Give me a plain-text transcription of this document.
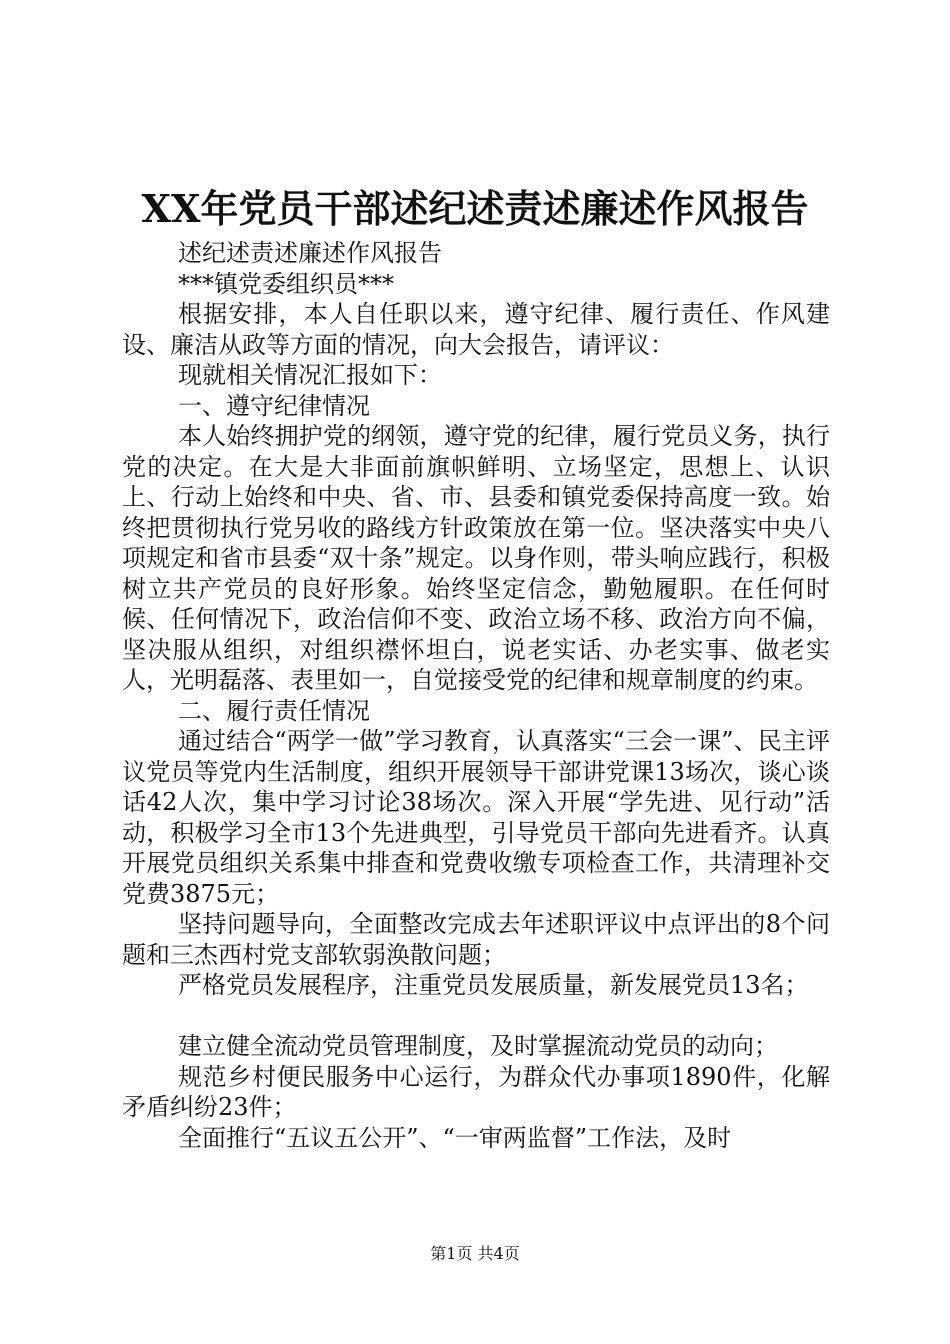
XX年党员干部述纪述责述廉述作风报告

述纪述责述廉述作风报告

***镇党委组织员***

根据安排，本人自任职以来，遵守纪律、履行责任、作风建设、廉洁从政等方面的情况，向大会报告，请评议：

现就相关情况汇报如下：

一、遵守纪律情况

本人始终拥护党的纲领，遵守党的纪律，履行党员义务，执行党的决定。在大是大非面前旗帜鲜明、立场坚定，思想上、认识上、行动上始终和中央、省、市、县委和镇党委保持高度一致。始终把贯彻执行党另收的路线方针政策放在第一位。坚决落实中央八项规定和省市县委“双十条”规定。以身作则，带头响应践行，积极树立共产党员的良好形象。始终坚定信念，勤勉履职。在任何时候、任何情况下，政治信仰不变、政治立场不移、政治方向不偏，坚决服从组织，对组织襟怀坦白，说老实话、办老实事、做老实人，光明磊落、表里如一，自觉接受党的纪律和规章制度的约束。

二、履行责任情况

通过结合“两学一做”学习教育，认真落实“三会一课”、民主评议党员等党内生活制度，组织开展领导干部讲党课13场次，谈心谈话42人次，集中学习讨论38场次。深入开展“学先进、见行动”活动，积极学习全市13个先进典型，引导党员干部向先进看齐。认真开展党员组织关系集中排查和党费收缴专项检查工作，共清理补交党费3875元；

坚持问题导向，全面整改完成去年述职评议中点评出的8个问题和三杰西村党支部软弱涣散问题；

严格党员发展程序，注重党员发展质量，新发展党员13名；

建立健全流动党员管理制度，及时掌握流动党员的动向；

规范乡村便民服务中心运行，为群众代办事项1890件，化解矛盾纠纷23件；

全面推行“五议五公开”、“一审两监督”工作法，及时

第1页 共4页
